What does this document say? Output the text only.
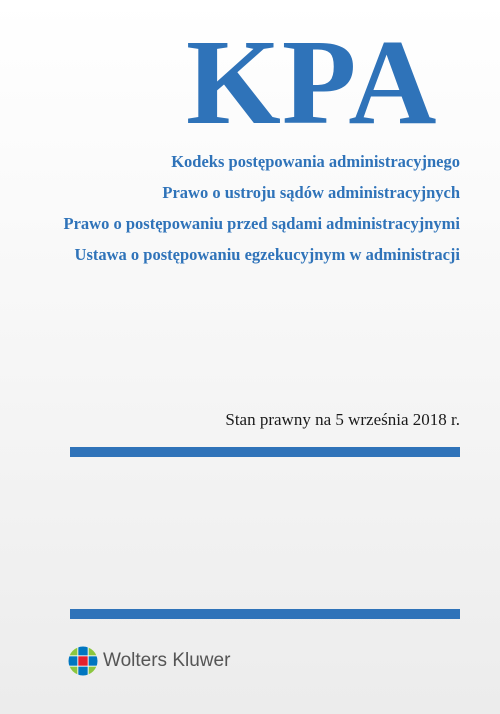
KPA
Kodeks postępowania administracyjnego
Prawo o ustroju sądów administracyjnych
Prawo o postępowaniu przed sądami administracyjnymi
Ustawa o postępowaniu egzekucyjnym w administracji
Stan prawny na 5 września 2018 r.
Wolters Kluwer
